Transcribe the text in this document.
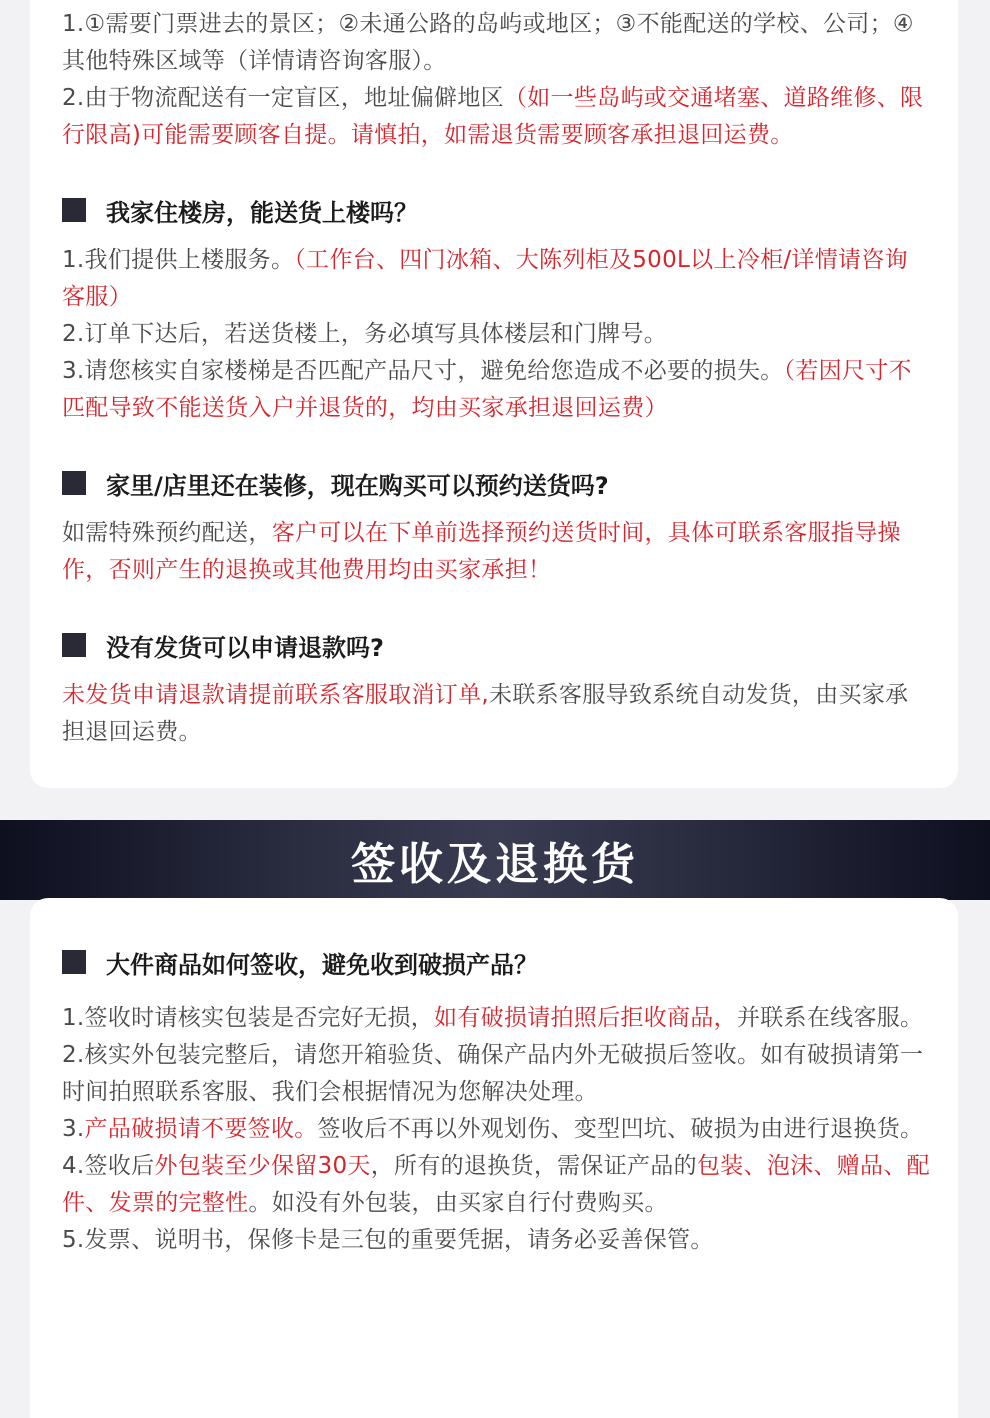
1.①需要门票进去的景区；②未通公路的岛屿或地区；③不能配送的学校、公司；④其他特殊区域等（详情请咨询客服）。

2.由于物流配送有一定盲区，地址偏僻地区（如一些岛屿或交通堵塞、道路维修、限行限高)可能需要顾客自提。请慎拍，如需退货需要顾客承担退回运费。

我家住楼房，能送货上楼吗？

1.我们提供上楼服务。（工作台、四门冰箱、大陈列柜及500L以上冷柜/详情请咨询客服）

2.订单下达后，若送货楼上，务必填写具体楼层和门牌号。

3.请您核实自家楼梯是否匹配产品尺寸，避免给您造成不必要的损失。（若因尺寸不匹配导致不能送货入户并退货的，均由买家承担退回运费）

家里/店里还在装修，现在购买可以预约送货吗?

如需特殊预约配送，客户可以在下单前选择预约送货时间，具体可联系客服指导操作，否则产生的退换或其他费用均由买家承担！

没有发货可以申请退款吗?

未发货申请退款请提前联系客服取消订单,未联系客服导致系统自动发货，由买家承担退回运费。

签收及退换货
大件商品如何签收，避免收到破损产品？

1.签收时请核实包装是否完好无损，如有破损请拍照后拒收商品，并联系在线客服。

2.核实外包装完整后，请您开箱验货、确保产品内外无破损后签收。如有破损请第一时间拍照联系客服、我们会根据情况为您解决处理。

3.产品破损请不要签收。签收后不再以外观划伤、变型凹坑、破损为由进行退换货。

4.签收后外包装至少保留30天，所有的退换货，需保证产品的包装、泡沫、赠品、配件、发票的完整性。如没有外包装，由买家自行付费购买。

5.发票、说明书，保修卡是三包的重要凭据，请务必妥善保管。
